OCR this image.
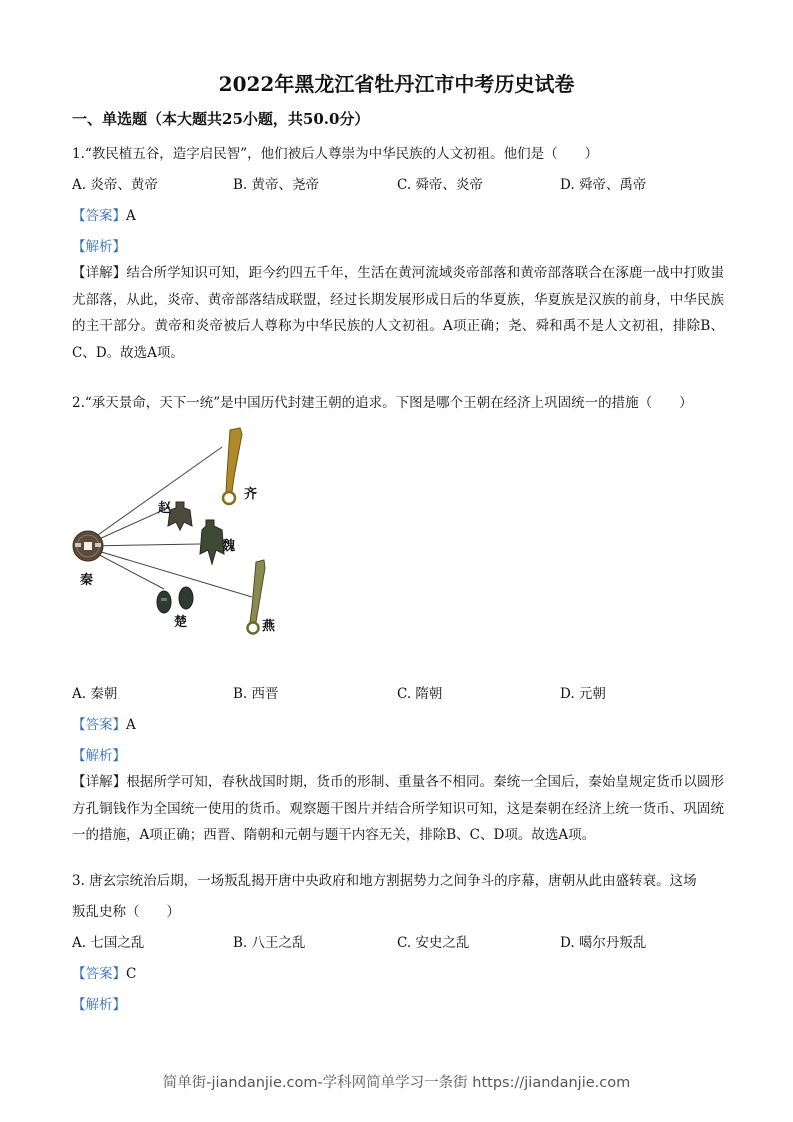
2022年黑龙江省牡丹江市中考历史试卷
一、单选题（本大题共25小题，共50.0分）
1.“教民植五谷，造字启民智”，他们被后人尊崇为中华民族的人文初祖。他们是（　　）
A. 炎帝、黄帝	B. 黄帝、尧帝	C. 舜帝、炎帝	D. 舜帝、禹帝
【答案】A
【解析】
【详解】结合所学知识可知，距今约四五千年，生活在黄河流域炎帝部落和黄帝部落联合在涿鹿一战中打败蚩尤部落，从此，炎帝、黄帝部落结成联盟，经过长期发展形成日后的华夏族，华夏族是汉族的前身，中华民族的主干部分。黄帝和炎帝被后人尊称为中华民族的人文初祖。A项正确；尧、舜和禹不是人文初祖，排除B、C、D。故选A项。
2.“承天景命，天下一统”是中国历代封建王朝的追求。下图是哪个王朝在经济上巩固统一的措施（　　）
秦
赵
魏
齐
楚	燕
A. 秦朝	B. 西晋	C. 隋朝	D. 元朝
【答案】A
【解析】
【详解】根据所学可知，春秋战国时期，货币的形制、重量各不相同。秦统一全国后，秦始皇规定货币以圆形方孔铜钱作为全国统一使用的货币。观察题干图片并结合所学知识可知，这是秦朝在经济上统一货币、巩固统一的措施，A项正确；西晋、隋朝和元朝与题干内容无关，排除B、C、D项。故选A项。
3. 唐玄宗统治后期，一场叛乱揭开唐中央政府和地方割据势力之间争斗的序幕，唐朝从此由盛转衰。这场
叛乱史称（　　）
A. 七国之乱	B. 八王之乱	C. 安史之乱	D. 噶尔丹叛乱
【答案】C
【解析】
简单街-jiandanjie.com-学科网简单学习一条街 https://jiandanjie.com
